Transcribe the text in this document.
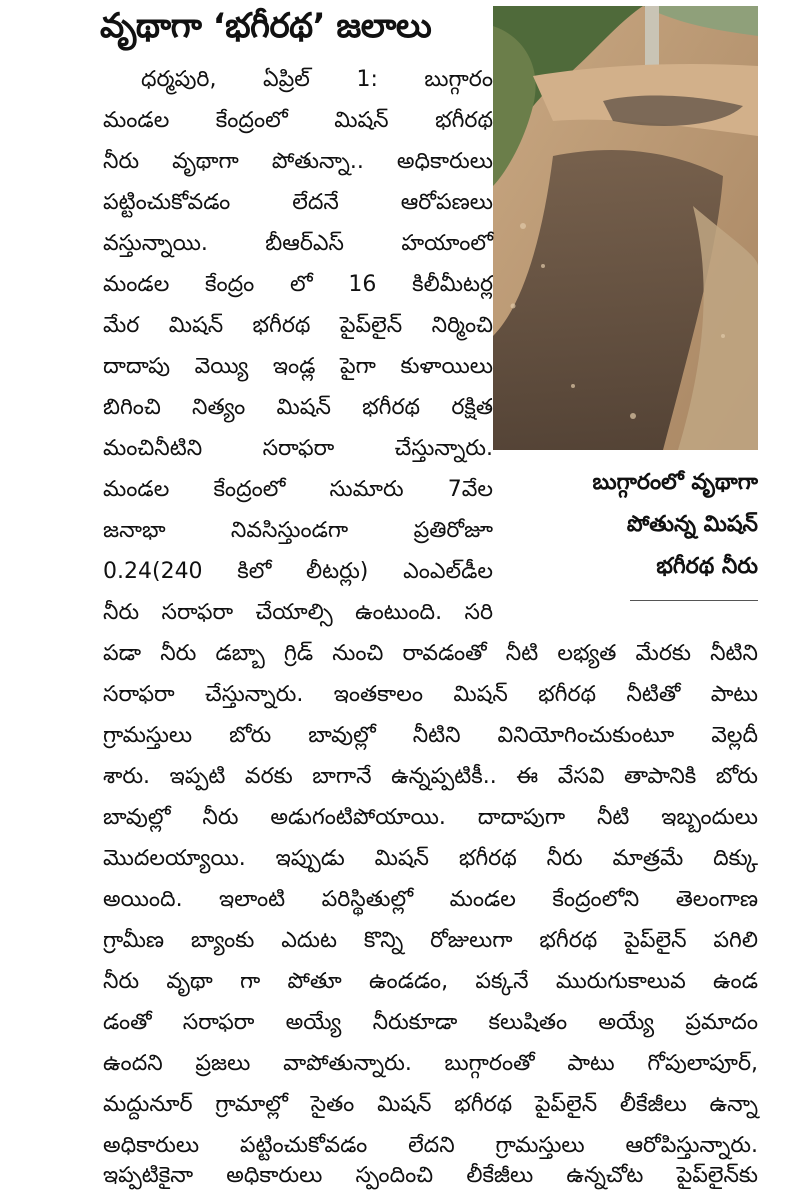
వృథాగా ‘భగీరథ’ జలాలు
బుగ్గారంలో వృథాగా
పోతున్న మిషన్
భగీరథ నీరు
ధర్మపురి, ఏప్రిల్ 1: బుగ్గారం
మండల కేంద్రంలో మిషన్ భగీరథ
నీరు వృథాగా పోతున్నా.. అధికారులు
పట్టించుకోవడం లేదనే ఆరోపణలు
వస్తున్నాయి. బీఆర్ఎస్ హయాంలో
మండల కేంద్రం లో 16 కిలీమీటర్ల
మేర మిషన్ భగీరథ పైప్‌లైన్ నిర్మించి
దాదాపు వెయ్యి ఇండ్ల పైగా కుళాయిలు
బిగించి నిత్యం మిషన్ భగీరథ రక్షిత
మంచినీటిని సరాఫరా చేస్తున్నారు.
మండల కేంద్రంలో సుమారు 7వేల
జనాభా నివసిస్తుండగా ప్రతిరోజూ
0.24(240 కిలో లీటర్లు) ఎంఎల్‌డీల
నీరు సరాఫరా చేయాల్సి ఉంటుంది. సరి
పడా నీరు డబ్బా గ్రిడ్ నుంచి రావడంతో నీటి లభ్యత మేరకు నీటిని
సరాఫరా చేస్తున్నారు. ఇంతకాలం మిషన్ భగీరథ నీటితో పాటు
గ్రామస్తులు బోరు బావుల్లో నీటిని వినియోగించుకుంటూ వెల్లదీ
శారు. ఇప్పటి వరకు బాగానే ఉన్నప్పటికీ.. ఈ వేసవి తాపానికి బోరు
బావుల్లో నీరు అడుగంటిపోయాయి. దాదాపుగా నీటి ఇబ్బందులు
మొదలయ్యాయి. ఇప్పుడు మిషన్ భగీరథ నీరు మాత్రమే దిక్కు
అయింది. ఇలాంటి పరిస్థితుల్లో మండల కేంద్రంలోని తెలంగాణ
గ్రామీణ బ్యాంకు ఎదుట కొన్ని రోజులుగా భగీరథ పైప్‌లైన్ పగిలి
నీరు వృథా గా పోతూ ఉండడం, పక్కనే మురుగుకాలువ ఉండ
డంతో సరాఫరా అయ్యే నీరుకూడా కలుషితం అయ్యే ప్రమాదం
ఉందని ప్రజలు వాపోతున్నారు. బుగ్గారంతో పాటు గోపులాపూర్,
మద్దునూర్ గ్రామాల్లో సైతం మిషన్ భగీరథ పైప్‌లైన్ లీకేజీలు ఉన్నా
అధికారులు పట్టించుకోవడం లేదని గ్రామస్తులు ఆరోపిస్తున్నారు.
ఇప్పటికైనా అధికారులు స్పందించి లీకేజీలు ఉన్నచోట పైప్‌లైన్‌కు
